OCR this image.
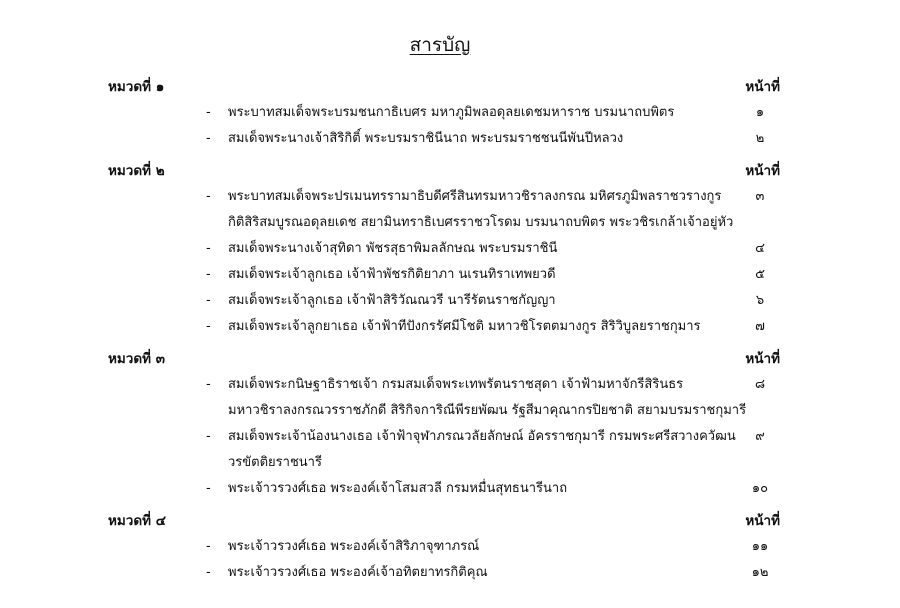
สารบัญ
หมวดที่ ๑	หน้าที่
- พระบาทสมเด็จพระบรมชนกาธิเบศร มหาภูมิพลอดุลยเดชมหาราช บรมนาถบพิตร	๑
- สมเด็จพระนางเจ้าสิริกิติ์ พระบรมราชินีนาถ พระบรมราชชนนีพันปีหลวง	๒
หมวดที่ ๒	หน้าที่
- พระบาทสมเด็จพระปรเมนทรรามาธิบดีศรีสินทรมหาวชิราลงกรณ มหิศรภูมิพลราชวรางกูร	๓
กิติสิริสมบูรณอดุลยเดช สยามินทราธิเบศรราชวโรดม บรมนาถบพิตร พระวชิรเกล้าเจ้าอยู่หัว
- สมเด็จพระนางเจ้าสุทิดา พัชรสุธาพิมลลักษณ พระบรมราชินี	๔
- สมเด็จพระเจ้าลูกเธอ เจ้าฟ้าพัชรกิติยาภา นเรนทิราเทพยวดี	๕
- สมเด็จพระเจ้าลูกเธอ เจ้าฟ้าสิริวัณณวรี นารีรัตนราชกัญญา	๖
- สมเด็จพระเจ้าลูกยาเธอ เจ้าฟ้าทีปังกรรัศมีโชติ มหาวชิโรตตมางกูร สิริวิบูลยราชกุมาร	๗
หมวดที่ ๓	หน้าที่
- สมเด็จพระกนิษฐาธิราชเจ้า กรมสมเด็จพระเทพรัตนราชสุดา เจ้าฟ้ามหาจักรีสิรินธร	๘
มหาวชิราลงกรณวรราชภักดี สิริกิจการิณีพีรยพัฒน รัฐสีมาคุณากรปิยชาติ สยามบรมราชกุมารี
- สมเด็จพระเจ้าน้องนางเธอ เจ้าฟ้าจุฬาภรณวลัยลักษณ์ อัครราชกุมารี กรมพระศรีสวางควัฒน	๙
วรขัตติยราชนารี
- พระเจ้าวรวงศ์เธอ พระองค์เจ้าโสมสวลี กรมหมื่นสุทธนารีนาถ	๑๐
หมวดที่ ๔	หน้าที่
- พระเจ้าวรวงศ์เธอ พระองค์เจ้าสิริภาจุฑาภรณ์	๑๑
- พระเจ้าวรวงศ์เธอ พระองค์เจ้าอทิตยาทรกิติคุณ	๑๒
